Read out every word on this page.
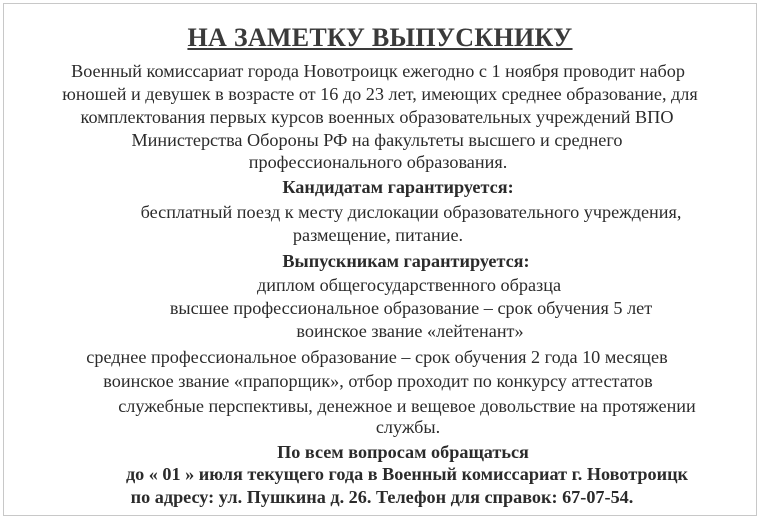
НА ЗАМЕТКУ ВЫПУСКНИКУ
Военный комиссариат города Новотроицк ежегодно с 1 ноября проводит набор
юношей и девушек в возрасте от 16 до 23 лет, имеющих среднее образование, для
комплектования первых курсов военных образовательных учреждений ВПО
Министерства Обороны РФ на факультеты высшего и среднего
профессионального образования.
Кандидатам гарантируется:
бесплатный поезд к месту дислокации образовательного учреждения,
размещение, питание.
Выпускникам гарантируется:
диплом общегосударственного образца
высшее профессиональное образование – срок обучения 5 лет
воинское звание «лейтенант»
среднее профессиональное образование – срок обучения 2 года 10 месяцев
воинское звание «прапорщик», отбор проходит по конкурсу аттестатов
служебные перспективы, денежное и вещевое довольствие на протяжении
службы.
По всем вопросам обращаться
до « 01 » июля текущего года в Военный комиссариат г. Новотроицк
по адресу: ул. Пушкина д. 26. Телефон для справок: 67-07-54.
